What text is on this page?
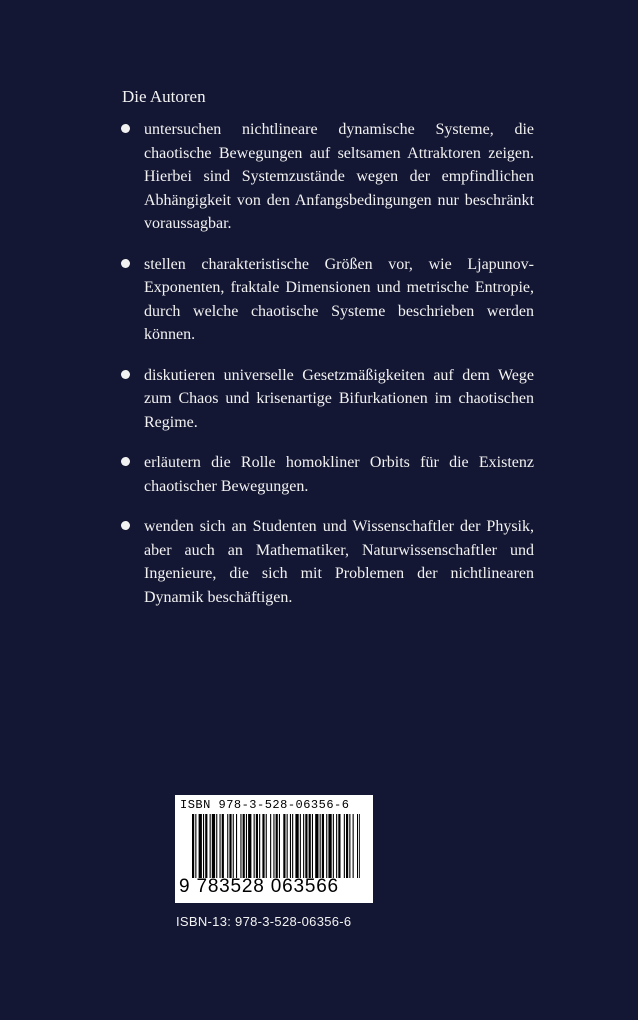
Die Autoren
untersuchen nichtlineare dynamische Systeme, die chaotische Bewegungen auf seltsamen Attraktoren zeigen. Hierbei sind Systemzustände wegen der empfindlichen Abhängigkeit von den Anfangsbedingungen nur beschränkt voraussagbar.
stellen charakteristische Größen vor, wie Ljapunov-Exponenten, fraktale Dimensionen und metrische Entropie, durch welche chaotische Systeme beschrieben werden können.
diskutieren universelle Gesetzmäßigkeiten auf dem Wege zum Chaos und krisenartige Bifurkationen im chaotischen Regime.
erläutern die Rolle homokliner Orbits für die Existenz chaotischer Bewegungen.
wenden sich an Studenten und Wissenschaftler der Physik, aber auch an Mathematiker, Naturwissenschaftler und Ingenieure, die sich mit Problemen der nichtlinearen Dynamik beschäftigen.
ISBN 978-3-528-06356-6
9 783528 063566
ISBN-13: 978-3-528-06356-6
